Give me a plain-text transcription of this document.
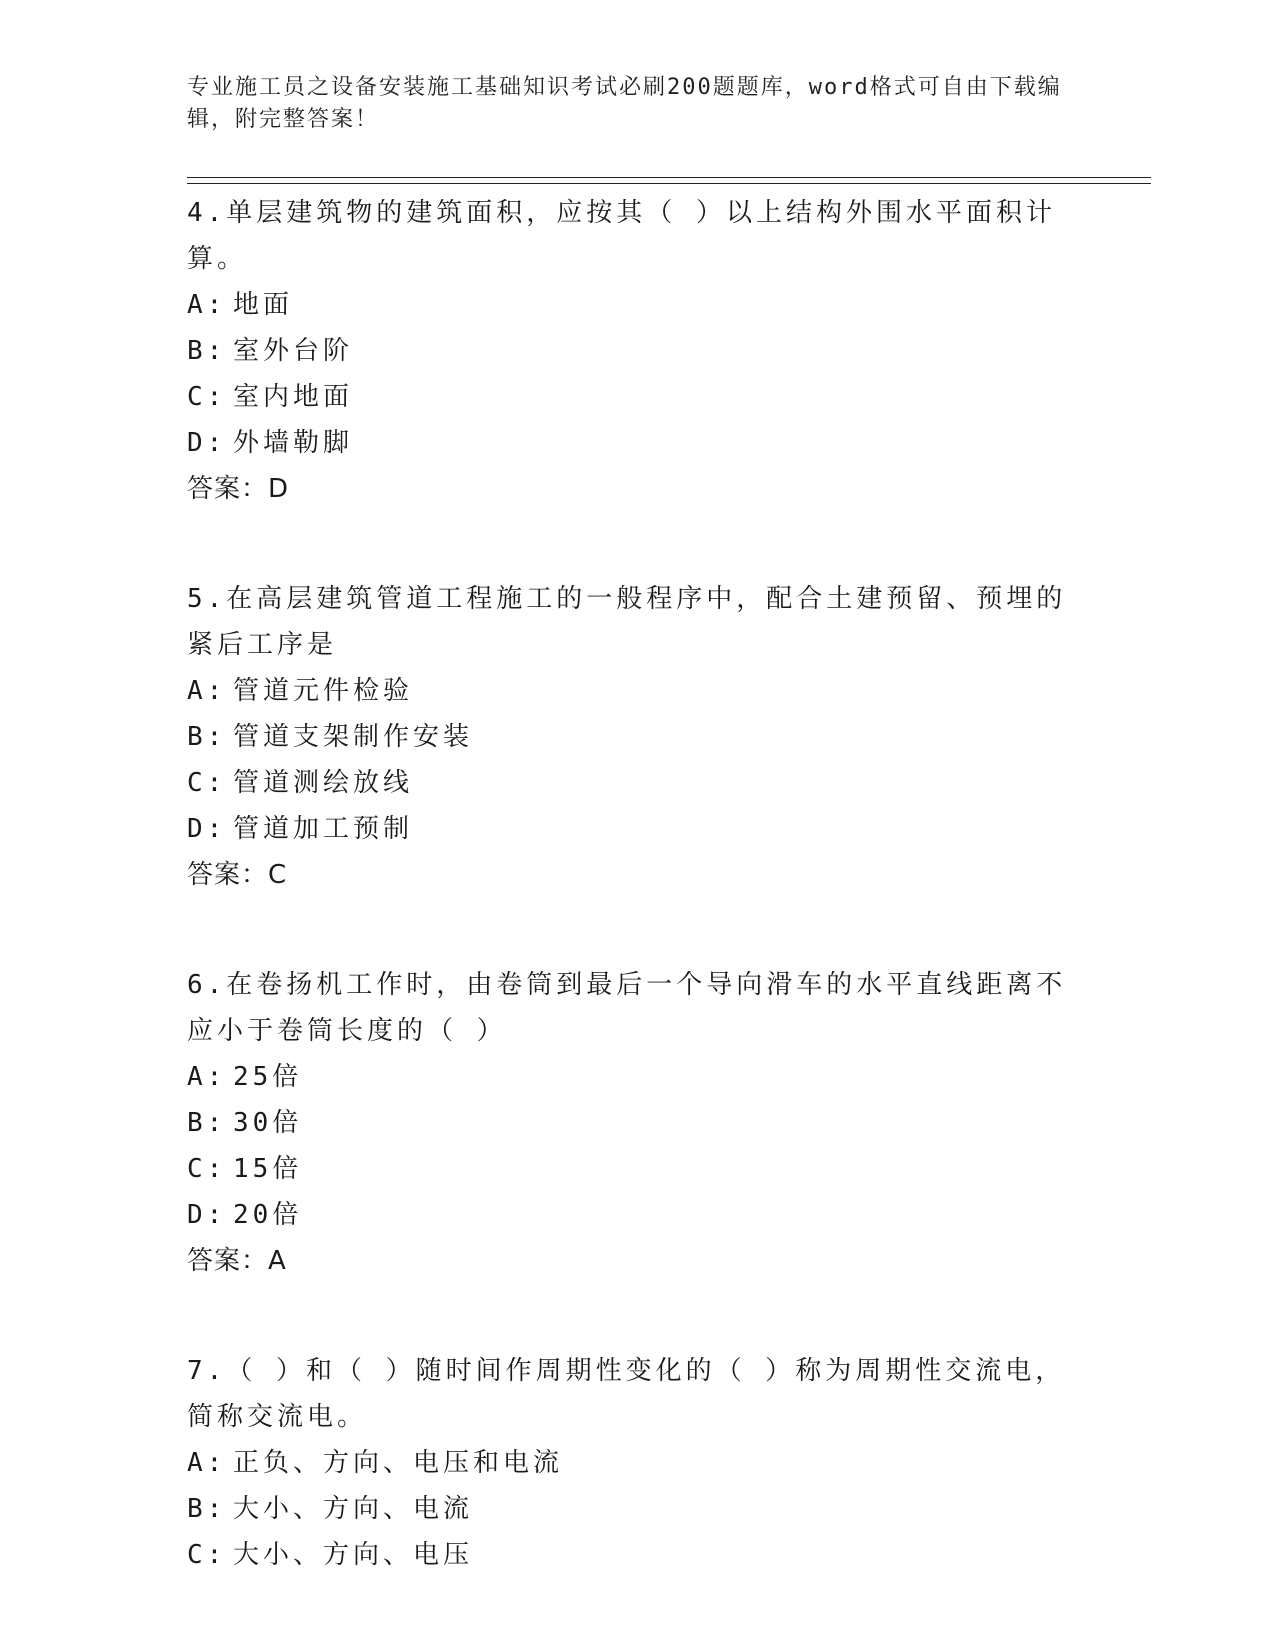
专业施工员之设备安装施工基础知识考试必刷200题题库，word格式可自由下载编辑，附完整答案！

4.单层建筑物的建筑面积，应按其（ ）以上结构外围水平面积计算。

A: 地面

B: 室外台阶

C: 室内地面

D: 外墙勒脚

答案：D

5.在高层建筑管道工程施工的一般程序中，配合土建预留、预埋的紧后工序是

A: 管道元件检验

B: 管道支架制作安装

C: 管道测绘放线

D: 管道加工预制

答案：C

6.在卷扬机工作时，由卷筒到最后一个导向滑车的水平直线距离不应小于卷筒长度的（ ）

A: 25倍

B: 30倍

C: 15倍

D: 20倍

答案：A

7.（ ）和（ ）随时间作周期性变化的（ ）称为周期性交流电，简称交流电。

A: 正负、方向、电压和电流

B: 大小、方向、电流

C: 大小、方向、电压
